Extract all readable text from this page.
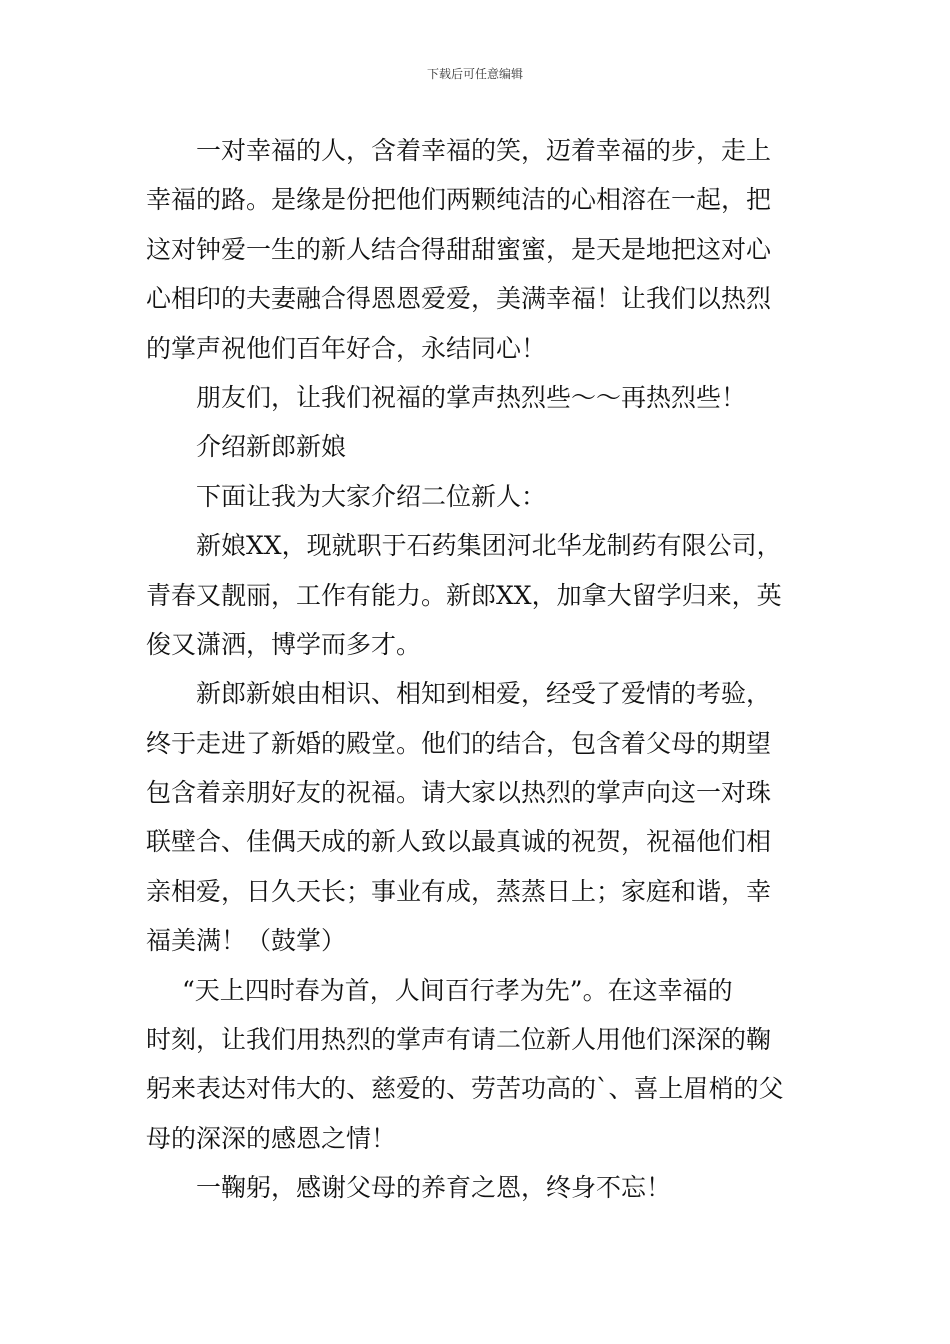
下载后可任意编辑
一对幸福的人，含着幸福的笑，迈着幸福的步，走上
幸福的路。是缘是份把他们两颗纯洁的心相溶在一起，把
这对钟爱一生的新人结合得甜甜蜜蜜，是天是地把这对心
心相印的夫妻融合得恩恩爱爱，美满幸福！让我们以热烈
的掌声祝他们百年好合，永结同心！
朋友们，让我们祝福的掌声热烈些～～再热烈些！
介绍新郎新娘
下面让我为大家介绍二位新人：
新娘XX，现就职于石药集团河北华龙制药有限公司，
青春又靓丽，工作有能力。新郎XX，加拿大留学归来，英
俊又潇洒，博学而多才。
新郎新娘由相识、相知到相爱，经受了爱情的考验，
终于走进了新婚的殿堂。他们的结合，包含着父母的期望
包含着亲朋好友的祝福。请大家以热烈的掌声向这一对珠
联壁合、佳偶天成的新人致以最真诚的祝贺，祝福他们相
亲相爱，日久天长；事业有成，蒸蒸日上；家庭和谐，幸
福美满！（鼓掌）
“天上四时春为首，人间百行孝为先”。在这幸福的
时刻，让我们用热烈的掌声有请二位新人用他们深深的鞠
躬来表达对伟大的、慈爱的、劳苦功高的`、喜上眉梢的父
母的深深的感恩之情！
一鞠躬，感谢父母的养育之恩，终身不忘！
